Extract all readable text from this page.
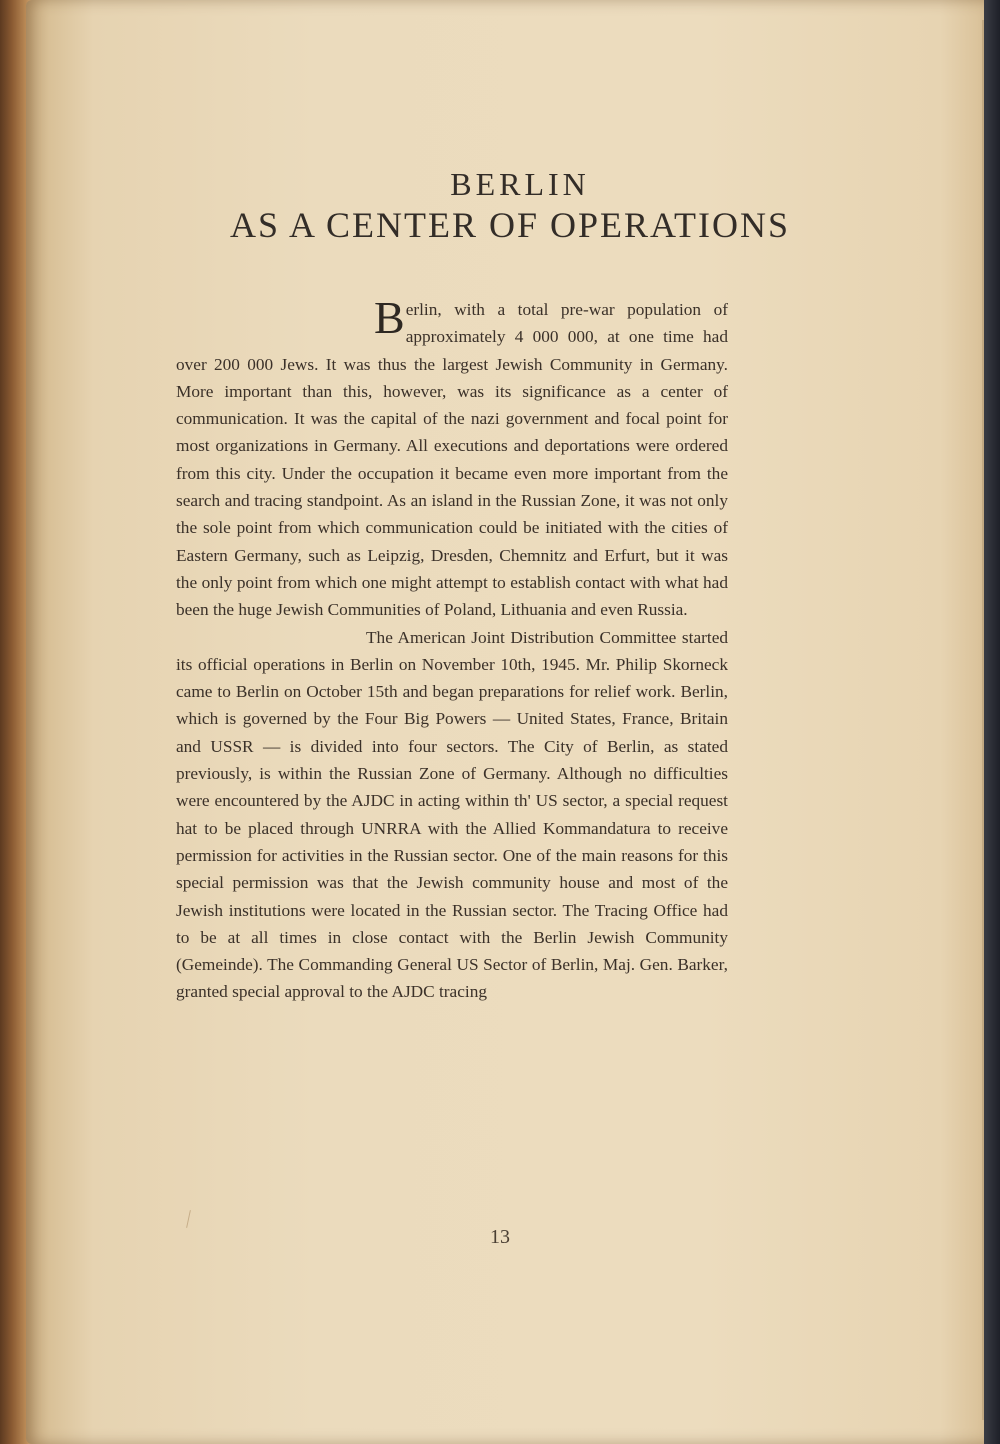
BERLIN
AS A CENTER OF OPERATIONS

Berlin, with a total pre-war population of approximately 4 000 000, at one time had over 200 000 Jews. It was thus the largest Jewish Community in Germany. More important than this, however, was its significance as a center of communication. It was the capital of the nazi government and focal point for most organizations in Germany. All executions and deportations were ordered from this city. Under the occupation it became even more important from the search and tracing standpoint. As an island in the Russian Zone, it was not only the sole point from which communication could be initiated with the cities of Eastern Germany, such as Leipzig, Dresden, Chemnitz and Erfurt, but it was the only point from which one might attempt to establish contact with what had been the huge Jewish Communities of Poland, Lithuania and even Russia.

The American Joint Distribution Committee started its official operations in Berlin on November 10th, 1945. Mr. Philip Skorneck came to Berlin on October 15th and began preparations for relief work. Berlin, which is governed by the Four Big Powers — United States, France, Britain and USSR — is divided into four sectors. The City of Berlin, as stated previously, is within the Russian Zone of Germany. Although no difficulties were encountered by the AJDC in acting within th' US sector, a special request hat to be placed through UNRRA with the Allied Kommandatura to receive permission for activities in the Russian sector. One of the main reasons for this special permission was that the Jewish community house and most of the Jewish institutions were located in the Russian sector. The Tracing Office had to be at all times in close contact with the Berlin Jewish Community (Gemeinde). The Commanding General US Sector of Berlin, Maj. Gen. Barker, granted special approval to the AJDC tracing

13
